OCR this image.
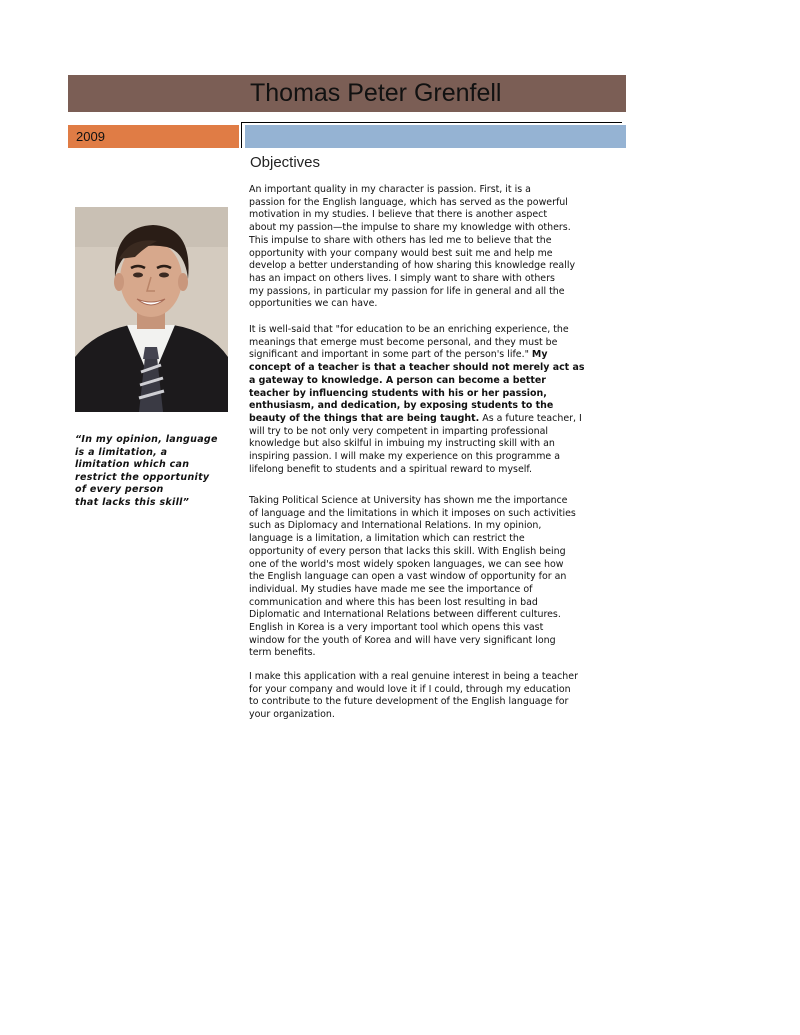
Thomas Peter Grenfell
2009
Objectives
“In my opinion, language
is a limitation, a
limitation which can
restrict the opportunity
of every person
that lacks this skill”

An important quality in my character is passion. First, it is a
passion for the English language, which has served as the powerful
motivation in my studies. I believe that there is another aspect
about my passion—the impulse to share my knowledge with others.
This impulse to share with others has led me to believe that the
opportunity with your company would best suit me and help me
develop a better understanding of how sharing this knowledge really
has an impact on others lives. I simply want to share with others
my passions, in particular my passion for life in general and all the
opportunities we can have.

It is well-said that "for education to be an enriching experience, the
meanings that emerge must become personal, and they must be
significant and important in some part of the person's life." My
concept of a teacher is that a teacher should not merely act as
a gateway to knowledge. A person can become a better
teacher by influencing students with his or her passion,
enthusiasm, and dedication, by exposing students to the
beauty of the things that are being taught. As a future teacher, I
will try to be not only very competent in imparting professional
knowledge but also skilful in imbuing my instructing skill with an
inspiring passion. I will make my experience on this programme a
lifelong benefit to students and a spiritual reward to myself.

Taking Political Science at University has shown me the importance
of language and the limitations in which it imposes on such activities
such as Diplomacy and International Relations. In my opinion,
language is a limitation, a limitation which can restrict the
opportunity of every person that lacks this skill. With English being
one of the world's most widely spoken languages, we can see how
the English language can open a vast window of opportunity for an
individual. My studies have made me see the importance of
communication and where this has been lost resulting in bad
Diplomatic and International Relations between different cultures.
English in Korea is a very important tool which opens this vast
window for the youth of Korea and will have very significant long
term benefits.

I make this application with a real genuine interest in being a teacher
for your company and would love it if I could, through my education
to contribute to the future development of the English language for
your organization.
